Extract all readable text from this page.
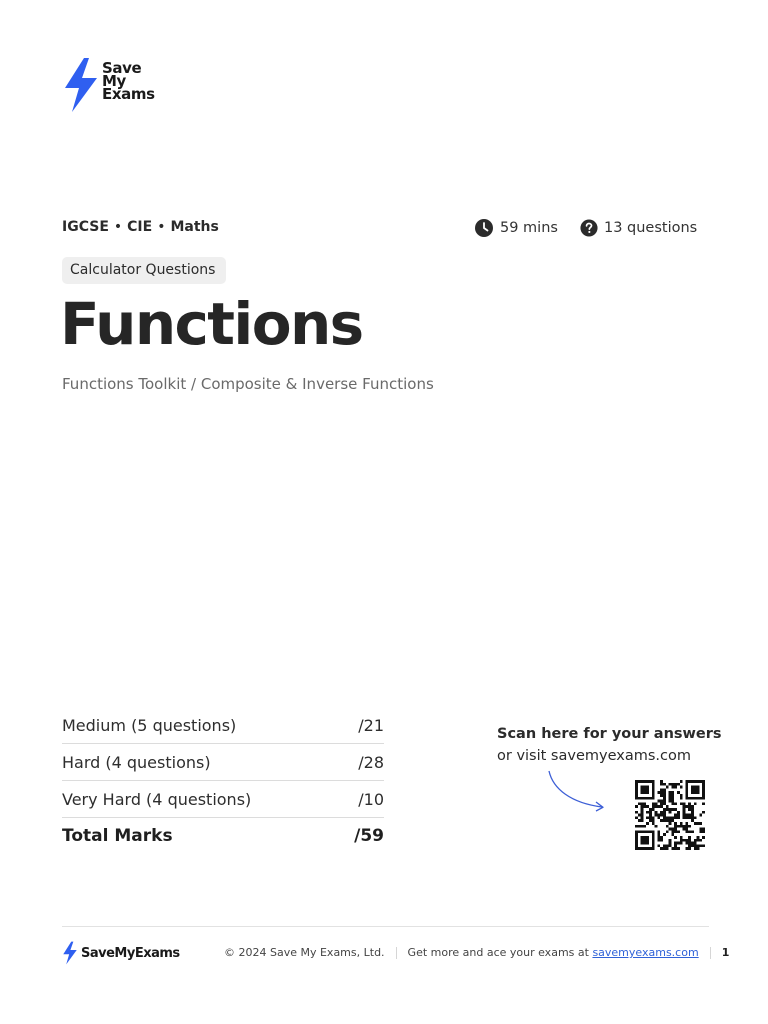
Save
My
Exams
IGCSE • CIE • Maths	59 mins	13 questions
Calculator Questions
Functions
Functions Toolkit / Composite & Inverse Functions
Medium (5 questions)	/21
Hard (4 questions)	/28
Very Hard (4 questions)	/10
Total Marks	/59
Scan here for your answers
or visit savemyexams.com
SaveMyExams	© 2024 Save My Exams, Ltd. Get more and ace your exams at savemyexams.com 1
